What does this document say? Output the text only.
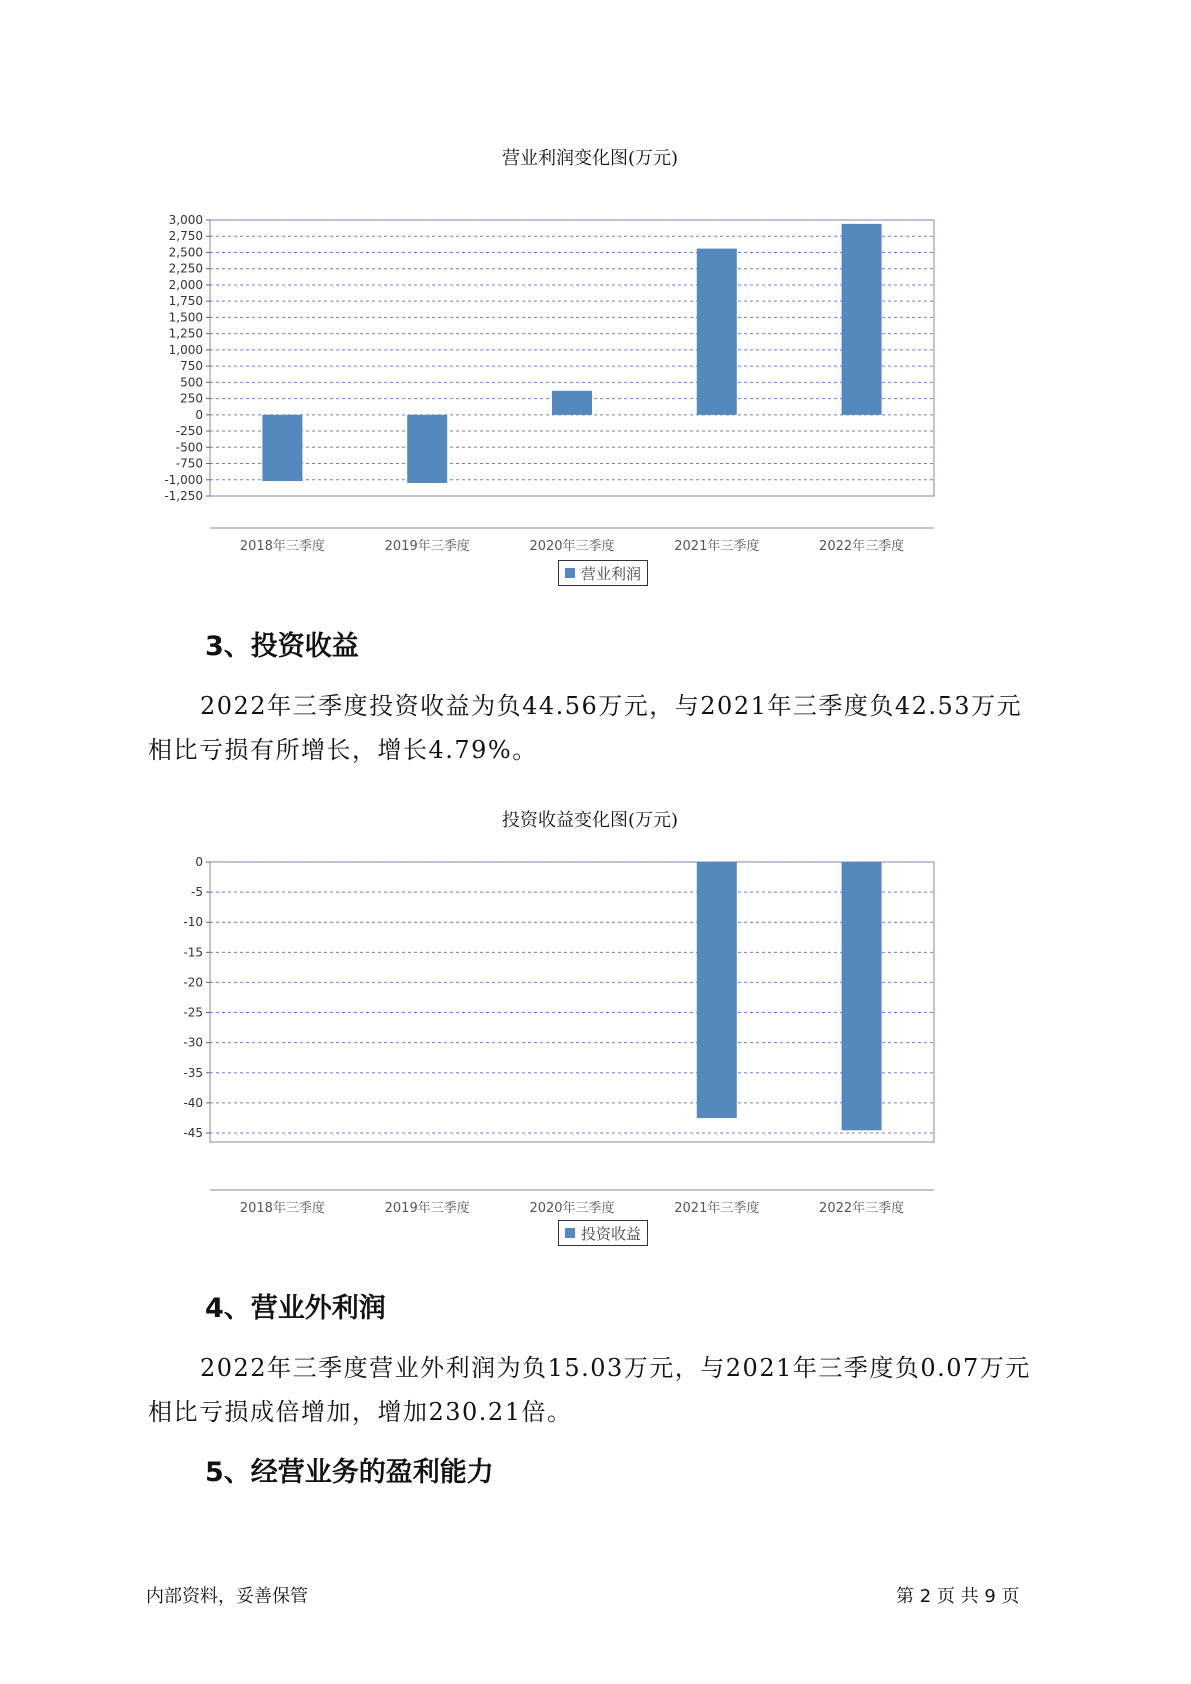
营业利润变化图(万元)
3,000
2,750
2,500
2,250
2,000
1,750
1,500
1,250
1,000
750
500
250
0
-250
-500
-750
-1,000
-1,250
2018年三季度	2019年三季度	2020年三季度	2021年三季度	2022年三季度
营业利润
3、投资收益
2022年三季度投资收益为负44.56万元，与2021年三季度负42.53万元
相比亏损有所增长，增长4.79%。
投资收益变化图(万元)
0
-5
-10
-15
-20
-25
-30
-35
-40
-45
2018年三季度	2019年三季度	2020年三季度	2021年三季度	2022年三季度
投资收益
4、营业外利润
2022年三季度营业外利润为负15.03万元，与2021年三季度负0.07万元
相比亏损成倍增加，增加230.21倍。
5、经营业务的盈利能力
内部资料，妥善保管	第 2 页 共 9 页
